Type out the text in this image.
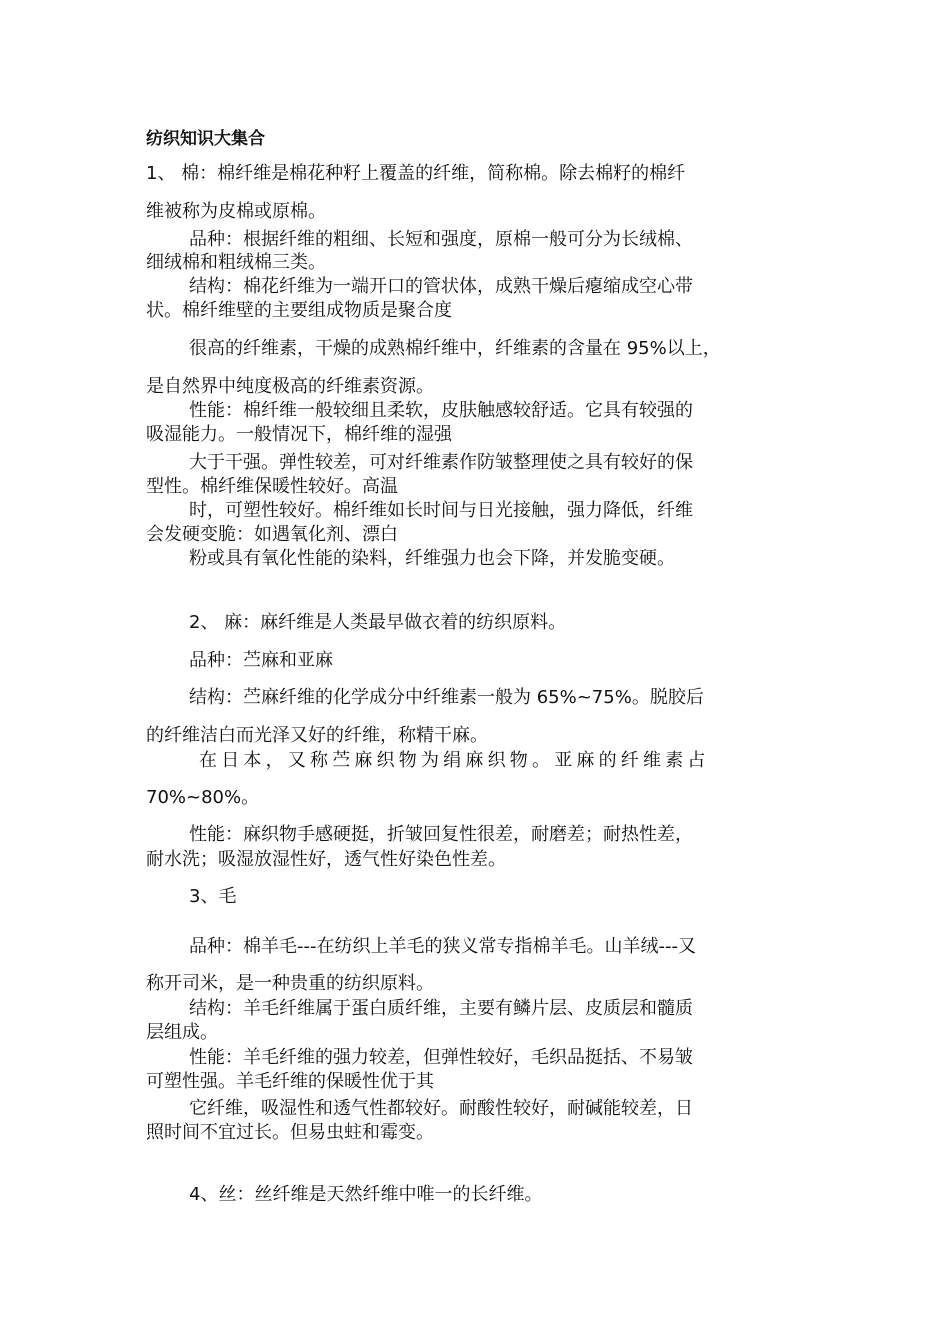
纺织知识大集合
1、 棉：棉纤维是棉花种籽上覆盖的纤维，简称棉。除去棉籽的棉纤
维被称为皮棉或原棉。
品种：根据纤维的粗细、长短和强度，原棉一般可分为长绒棉、
细绒棉和粗绒棉三类。
结构：棉花纤维为一端开口的管状体，成熟干燥后瘪缩成空心带
状。棉纤维壁的主要组成物质是聚合度
很高的纤维素，干燥的成熟棉纤维中，纤维素的含量在 95%以上，
是自然界中纯度极高的纤维素资源。
性能：棉纤维一般较细且柔软，皮肤触感较舒适。它具有较强的
吸湿能力。一般情况下，棉纤维的湿强
大于干强。弹性较差，可对纤维素作防皱整理使之具有较好的保
型性。棉纤维保暖性较好。高温
时，可塑性较好。棉纤维如长时间与日光接触，强力降低，纤维
会发硬变脆：如遇氧化剂、漂白
粉或具有氧化性能的染料，纤维强力也会下降，并发脆变硬。
2、 麻：麻纤维是人类最早做衣着的纺织原料。
品种：苎麻和亚麻
结构：苎麻纤维的化学成分中纤维素一般为 65%~75%。脱胶后
的纤维洁白而光泽又好的纤维，称精干麻。
在日本，又称苎麻织物为绢麻织物。亚麻的纤维素占
70%~80%。
性能：麻织物手感硬挺，折皱回复性很差，耐磨差；耐热性差，
耐水洗；吸湿放湿性好，透气性好染色性差。
3、毛
品种：棉羊毛---在纺织上羊毛的狭义常专指棉羊毛。山羊绒---又
称开司米，是一种贵重的纺织原料。
结构：羊毛纤维属于蛋白质纤维，主要有鳞片层、皮质层和髓质
层组成。
性能：羊毛纤维的强力较差，但弹性较好，毛织品挺括、不易皱
可塑性强。羊毛纤维的保暖性优于其
它纤维，吸湿性和透气性都较好。耐酸性较好，耐碱能较差，日
照时间不宜过长。但易虫蛀和霉变。
4、丝：丝纤维是天然纤维中唯一的长纤维。
